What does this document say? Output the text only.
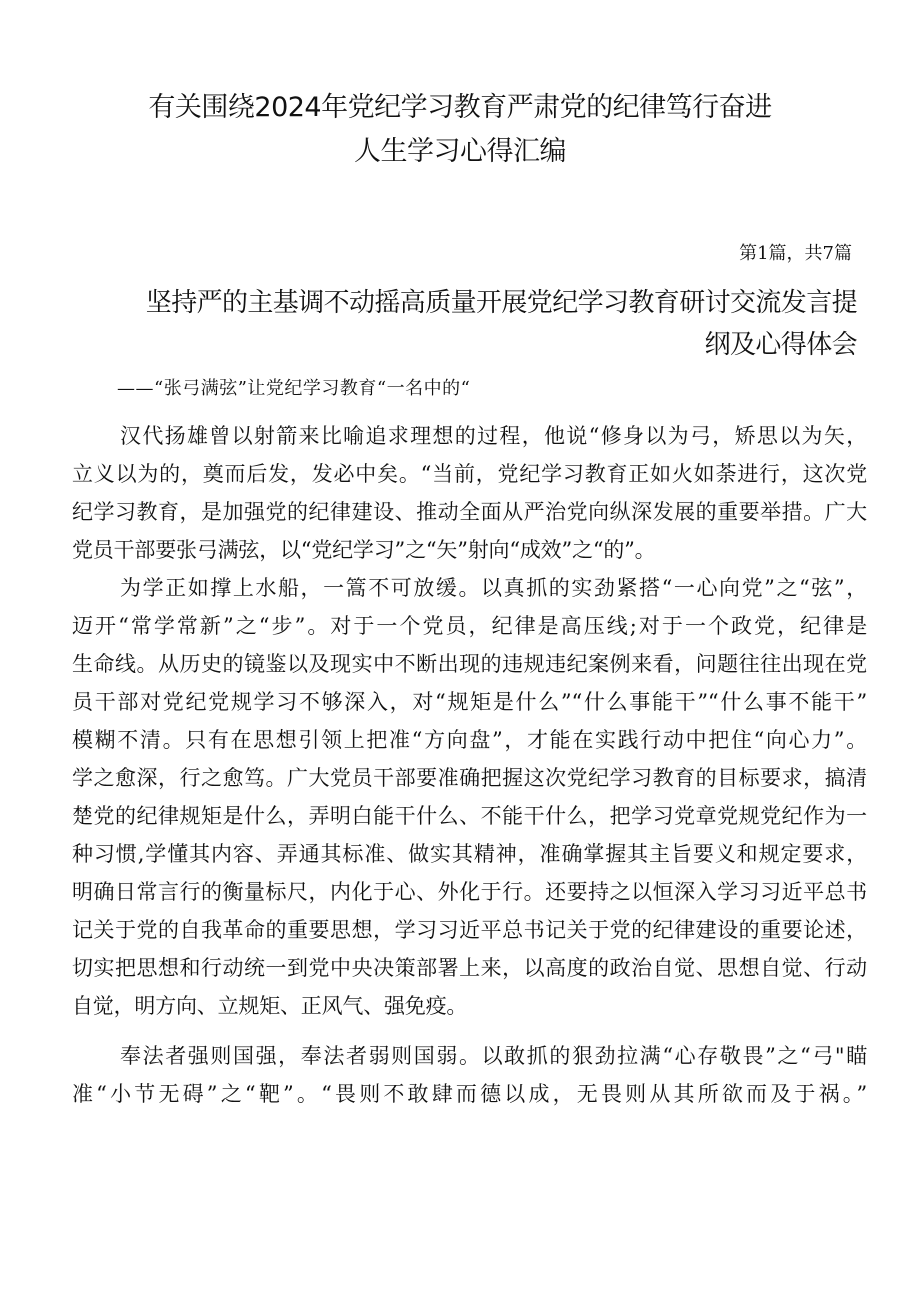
有关围绕2024年党纪学习教育严肃党的纪律笃行奋进
人生学习心得汇编
第1篇，共7篇
坚持严的主基调不动摇高质量开展党纪学习教育研讨交流发言提
纲及心得体会
——“张弓满弦”让党纪学习教育“一名中的“
汉代扬雄曾以射箭来比喻追求理想的过程，他说“修身以为弓，矫思以为矢，
立义以为的，奠而后发，发必中矣。“当前，党纪学习教育正如火如荼进行，这次党
纪学习教育，是加强党的纪律建设、推动全面从严治党向纵深发展的重要举措。广大
党员干部要张弓满弦，以“党纪学习”之“矢”射向“成效”之“的”。
为学正如撑上水船，一篙不可放缓。以真抓的实劲紧搭“一心向党”之“弦”，
迈开“常学常新”之“步”。对于一个党员，纪律是高压线;对于一个政党，纪律是
生命线。从历史的镜鉴以及现实中不断出现的违规违纪案例来看，问题往往出现在党
员干部对党纪党规学习不够深入，对“规矩是什么”“什么事能干”“什么事不能干”
模糊不清。只有在思想引领上把准“方向盘”，才能在实践行动中把住“向心力”。
学之愈深，行之愈笃。广大党员干部要准确把握这次党纪学习教育的目标要求，搞清
楚党的纪律规矩是什么，弄明白能干什么、不能干什么，把学习党章党规党纪作为一
种习惯,学懂其内容、弄通其标准、做实其精神，准确掌握其主旨要义和规定要求，
明确日常言行的衡量标尺，内化于心、外化于行。还要持之以恒深入学习习近平总书
记关于党的自我革命的重要思想，学习习近平总书记关于党的纪律建设的重要论述，
切实把思想和行动统一到党中央决策部署上来，以高度的政治自觉、思想自觉、行动
自觉，明方向、立规矩、正风气、强免疫。
奉法者强则国强，奉法者弱则国弱。以敢抓的狠劲拉满“心存敬畏”之“弓"瞄
准“小节无碍”之“靶”。“畏则不敢肆而德以成，无畏则从其所欲而及于祸。”
